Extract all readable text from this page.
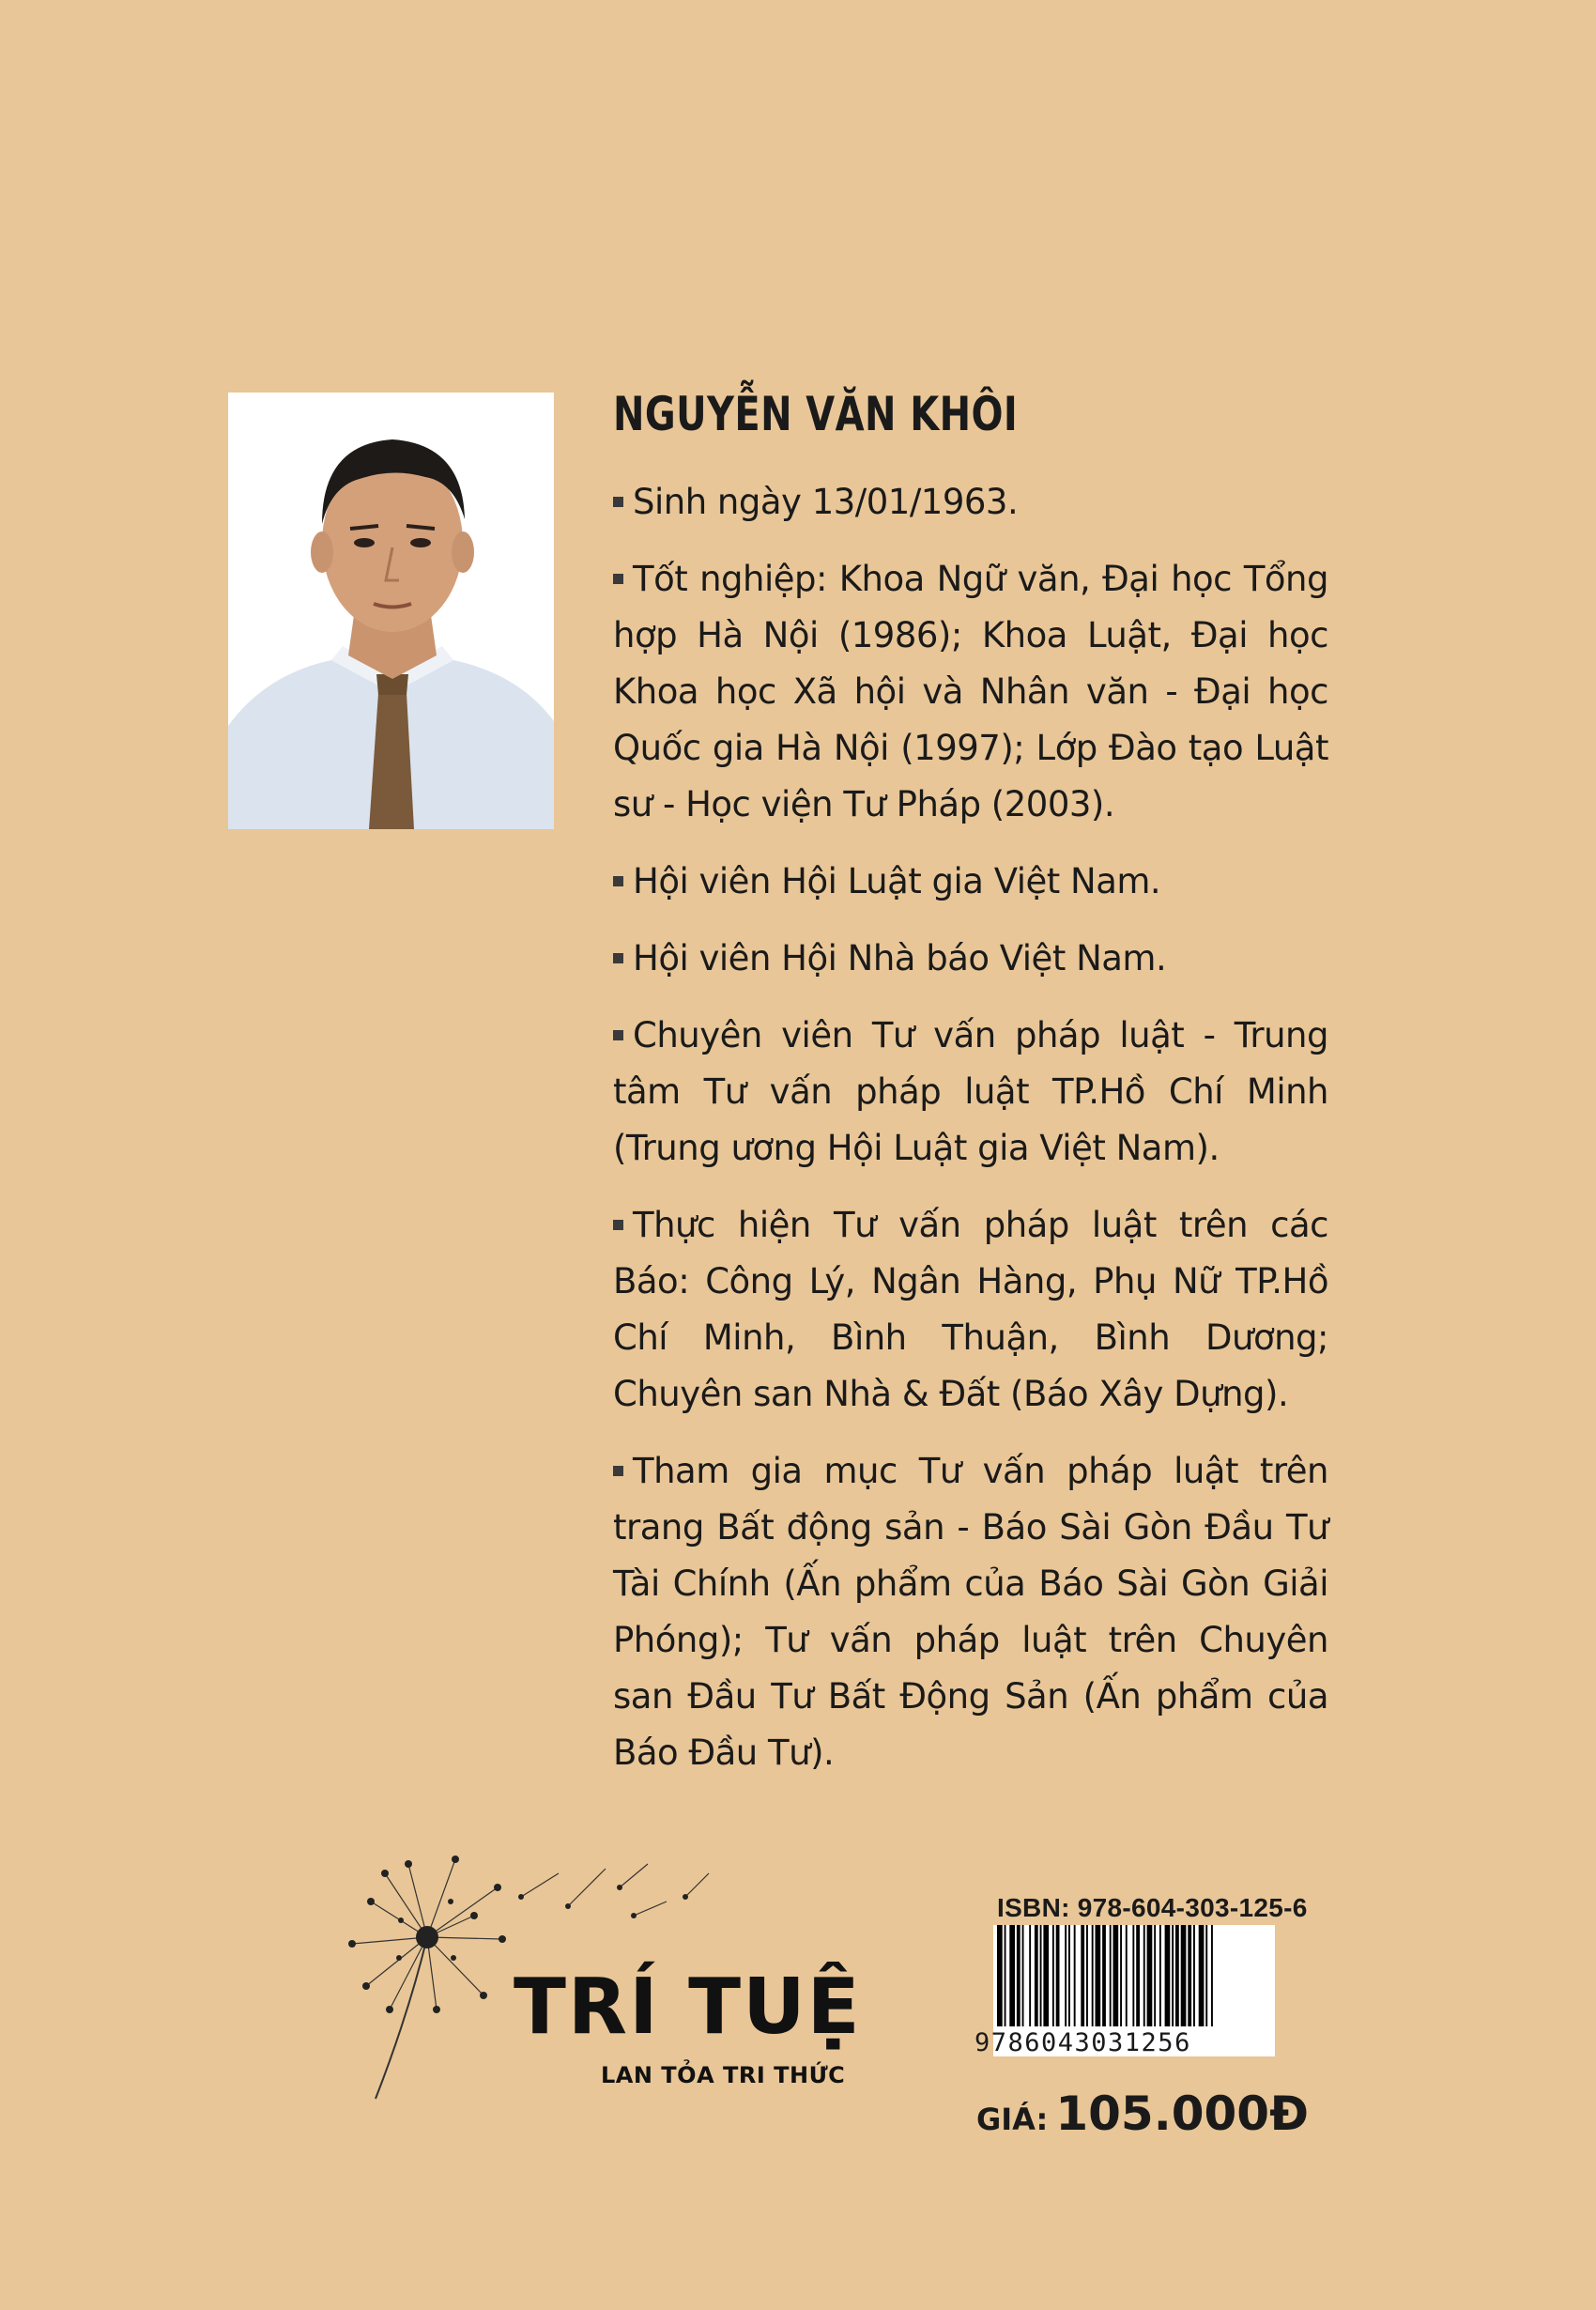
NGUYỄN VĂN KHÔI

Sinh ngày 13/01/1963.

Tốt nghiệp: Khoa Ngữ văn, Đại học Tổng hợp Hà Nội (1986); Khoa Luật, Đại học Khoa học Xã hội và Nhân văn - Đại học Quốc gia Hà Nội (1997); Lớp Đào tạo Luật sư - Học viện Tư Pháp (2003).

Hội viên Hội Luật gia Việt Nam.

Hội viên Hội Nhà báo Việt Nam.

Chuyên viên Tư vấn pháp luật - Trung tâm Tư vấn pháp luật TP.Hồ Chí Minh (Trung ương Hội Luật gia Việt Nam).

Thực hiện Tư vấn pháp luật trên các Báo: Công Lý, Ngân Hàng, Phụ Nữ TP.Hồ Chí Minh, Bình Thuận, Bình Dương; Chuyên san Nhà & Đất (Báo Xây Dựng).

Tham gia mục Tư vấn pháp luật trên trang Bất động sản - Báo Sài Gòn Đầu Tư Tài Chính (Ấn phẩm của Báo Sài Gòn Giải Phóng); Tư vấn pháp luật trên Chuyên san Đầu Tư Bất Động Sản (Ấn phẩm của Báo Đầu Tư).

TRÍ TUỆ
LAN TỎA TRI THỨC
ISBN: 978-604-303-125-6
9786043031256
GIÁ: 105.000Đ
